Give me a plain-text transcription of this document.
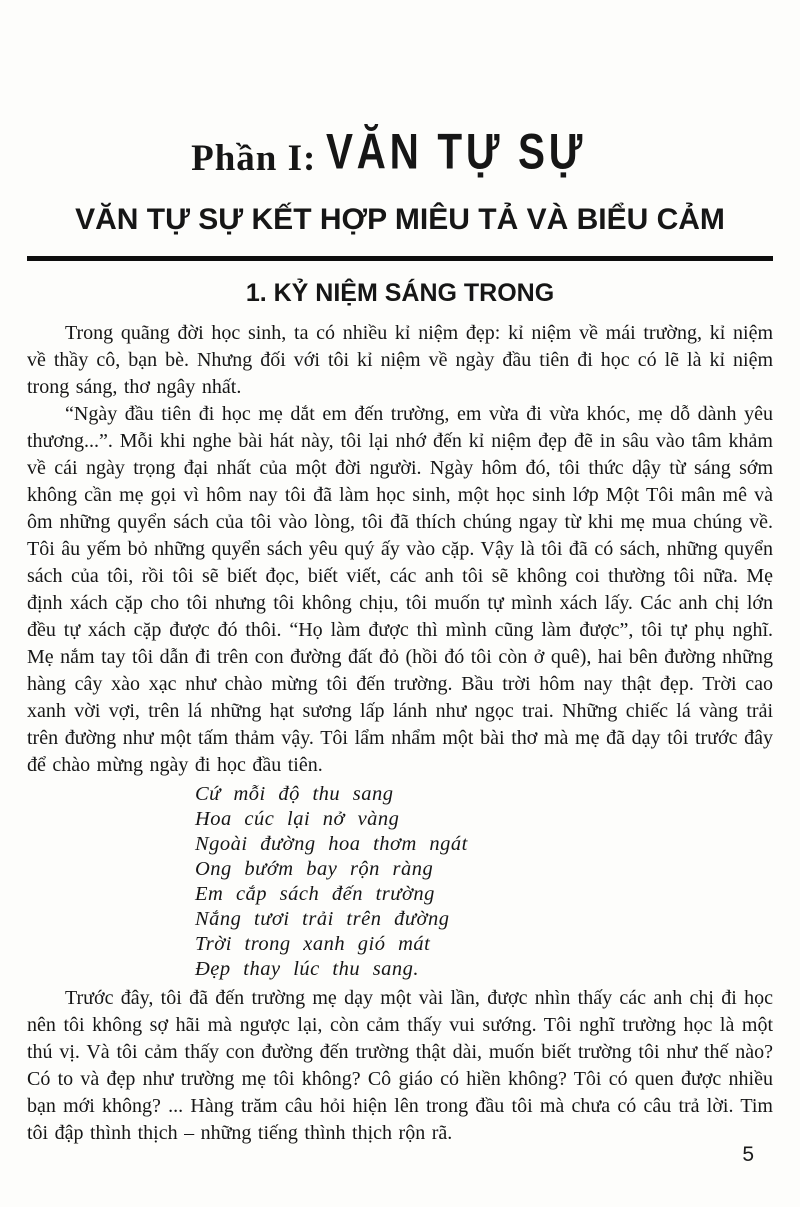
Phần I: VĂN TỰ SỰ
VĂN TỰ SỰ KẾT HỢP MIÊU TẢ VÀ BIỂU CẢM
1. KỶ NIỆM SÁNG TRONG

Trong quãng đời học sinh, ta có nhiều kỉ niệm đẹp: kỉ niệm về mái trường, kỉ niệm về thầy cô, bạn bè. Nhưng đối với tôi kỉ niệm về ngày đầu tiên đi học có lẽ là kỉ niệm trong sáng, thơ ngây nhất.

“Ngày đầu tiên đi học mẹ dắt em đến trường, em vừa đi vừa khóc, mẹ dỗ dành yêu thương...”. Mỗi khi nghe bài hát này, tôi lại nhớ đến kỉ niệm đẹp đẽ in sâu vào tâm khảm về cái ngày trọng đại nhất của một đời người. Ngày hôm đó, tôi thức dậy từ sáng sớm không cần mẹ gọi vì hôm nay tôi đã làm học sinh, một học sinh lớp Một Tôi mân mê và ôm những quyển sách của tôi vào lòng, tôi đã thích chúng ngay từ khi mẹ mua chúng về. Tôi âu yếm bỏ những quyển sách yêu quý ấy vào cặp. Vậy là tôi đã có sách, những quyển sách của tôi, rồi tôi sẽ biết đọc, biết viết, các anh tôi sẽ không coi thường tôi nữa. Mẹ định xách cặp cho tôi nhưng tôi không chịu, tôi muốn tự mình xách lấy. Các anh chị lớn đều tự xách cặp được đó thôi. “Họ làm được thì mình cũng làm được”, tôi tự phụ nghĩ. Mẹ nắm tay tôi dẫn đi trên con đường đất đỏ (hồi đó tôi còn ở quê), hai bên đường những hàng cây xào xạc như chào mừng tôi đến trường. Bầu trời hôm nay thật đẹp. Trời cao xanh vời vợi, trên lá những hạt sương lấp lánh như ngọc trai. Những chiếc lá vàng trải trên đường như một tấm thảm vậy. Tôi lẩm nhẩm một bài thơ mà mẹ đã dạy tôi trước đây để chào mừng ngày đi học đầu tiên.

Cứ mỗi độ thu sang
Hoa cúc lại nở vàng
Ngoài đường hoa thơm ngát
Ong bướm bay rộn ràng
Em cắp sách đến trường
Nắng tươi trải trên đường
Trời trong xanh gió mát
Đẹp thay lúc thu sang.

Trước đây, tôi đã đến trường mẹ dạy một vài lần, được nhìn thấy các anh chị đi học nên tôi không sợ hãi mà ngược lại, còn cảm thấy vui sướng. Tôi nghĩ trường học là một thú vị. Và tôi cảm thấy con đường đến trường thật dài, muốn biết trường tôi như thế nào? Có to và đẹp như trường mẹ tôi không? Cô giáo có hiền không? Tôi có quen được nhiều bạn mới không? ... Hàng trăm câu hỏi hiện lên trong đầu tôi mà chưa có câu trả lời. Tim tôi đập thình thịch – những tiếng thình thịch rộn rã.

5
